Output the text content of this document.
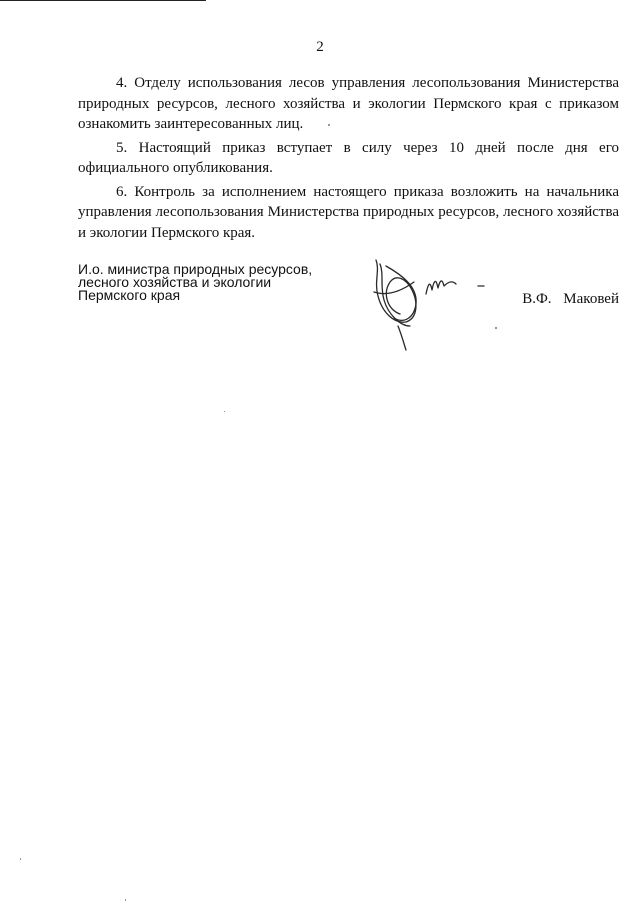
2

4. Отделу использования лесов управления лесопользования Министерства природных ресурсов, лесного хозяйства и экологии Пермского края с приказом ознакомить заинтересованных лиц.

5. Настоящий приказ вступает в силу через 10 дней после дня его официального опубликования.

6. Контроль за исполнением настоящего приказа возложить на начальника управления лесопользования Министерства природных ресурсов, лесного хозяйства и экологии Пермского края.

И.о. министра природных ресурсов,
лесного хозяйства и экологии
Пермского края	В.Ф. Маковей
